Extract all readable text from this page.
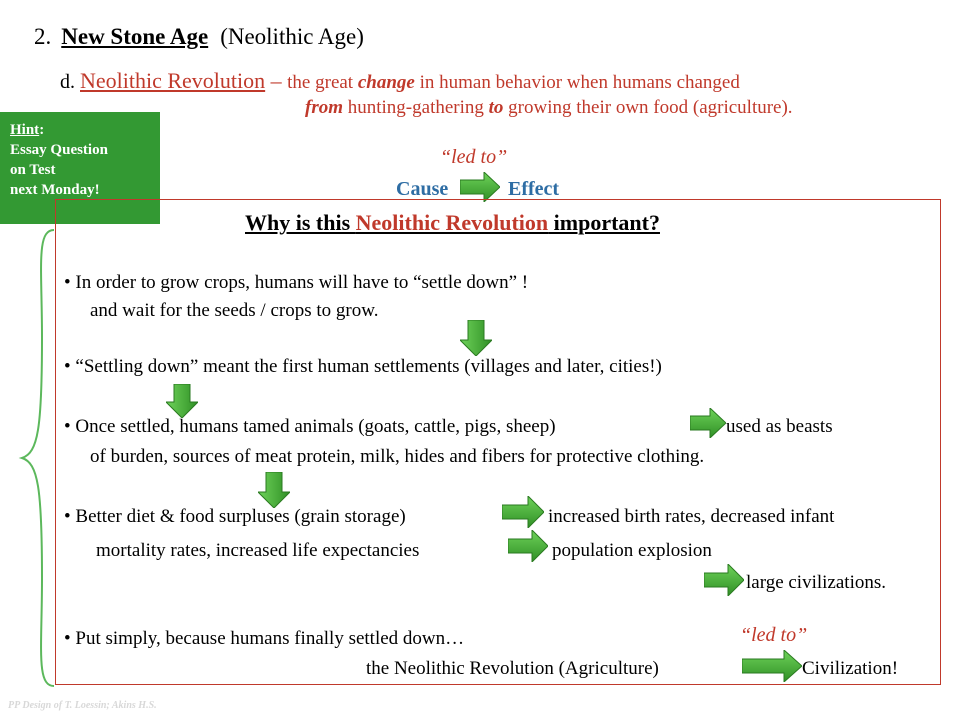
2. New Stone Age (Neolithic Age)
d. Neolithic Revolution – the great change in human behavior when humans changed
from hunting-gathering to growing their own food (agriculture).
Hint:
Essay Question
on Test
next Monday!
“led to”
Cause	Effect
Why is this Neolithic Revolution important?
• In order to grow crops, humans will have to “settle down” !
and wait for the seeds / crops to grow.
• “Settling down” meant the first human settlements (villages and later, cities!)
• Once settled, humans tamed animals (goats, cattle, pigs, sheep)	used as beasts
of burden, sources of meat protein, milk, hides and fibers for protective clothing.
• Better diet & food surpluses (grain storage)	increased birth rates, decreased infant
mortality rates, increased life expectancies	population explosion
large civilizations.
• Put simply, because humans finally settled down…	“led to”
the Neolithic Revolution (Agriculture)	Civilization!
PP Design of T. Loessin; Akins H.S.
